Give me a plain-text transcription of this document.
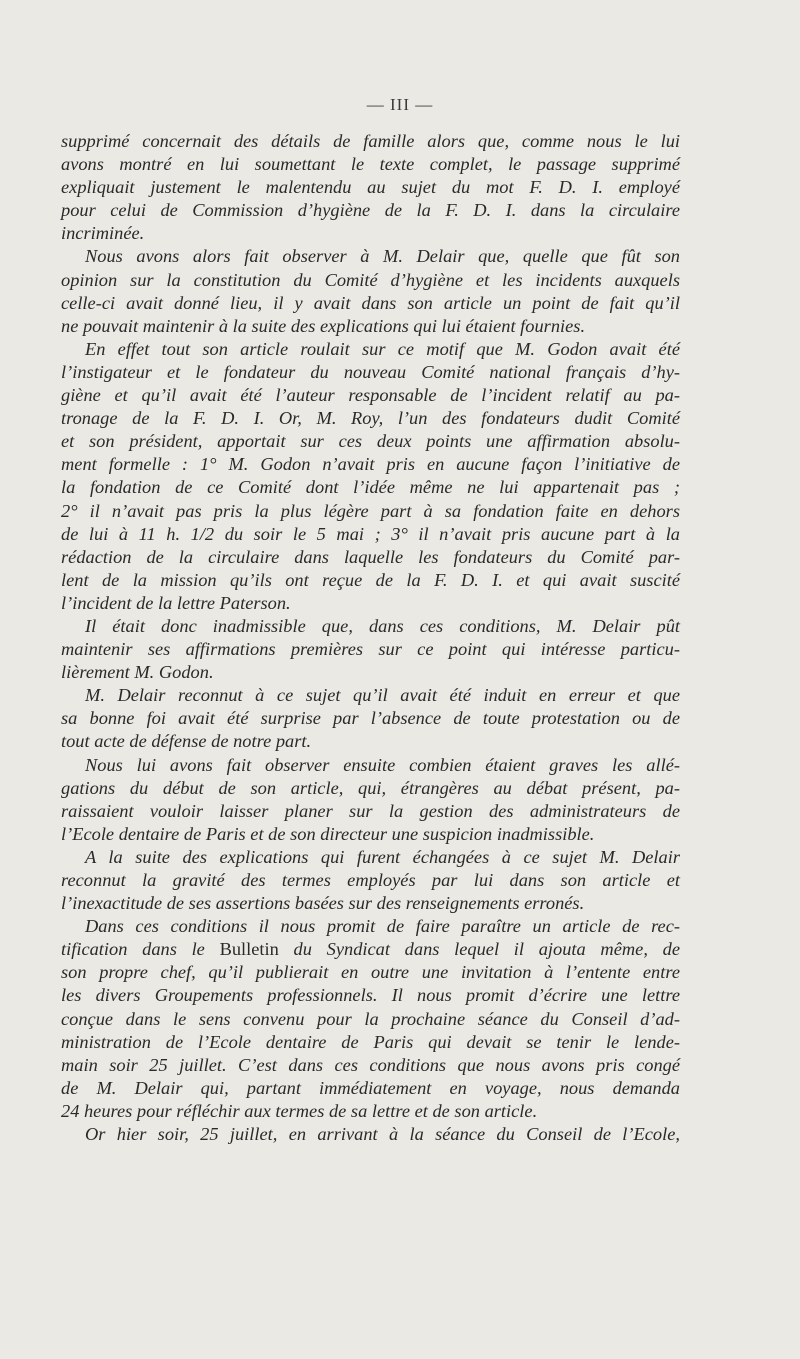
— III —
supprimé concernait des détails de famille alors que, comme nous le lui
avons montré en lui soumettant le texte complet, le passage supprimé
expliquait justement le malentendu au sujet du mot F. D. I. employé
pour celui de Commission d’hygiène de la F. D. I. dans la circulaire
incriminée.
Nous avons alors fait observer à M. Delair que, quelle que fût son
opinion sur la constitution du Comité d’hygiène et les incidents auxquels
celle-ci avait donné lieu, il y avait dans son article un point de fait qu’il
ne pouvait maintenir à la suite des explications qui lui étaient fournies.
En effet tout son article roulait sur ce motif que M. Godon avait été
l’instigateur et le fondateur du nouveau Comité national français d’hy-
giène et qu’il avait été l’auteur responsable de l’incident relatif au pa-
tronage de la F. D. I. Or, M. Roy, l’un des fondateurs dudit Comité
et son président, apportait sur ces deux points une affirmation absolu-
ment formelle : 1° M. Godon n’avait pris en aucune façon l’initiative de
la fondation de ce Comité dont l’idée même ne lui appartenait pas ;
2° il n’avait pas pris la plus légère part à sa fondation faite en dehors
de lui à 11 h. 1/2 du soir le 5 mai ; 3° il n’avait pris aucune part à la
rédaction de la circulaire dans laquelle les fondateurs du Comité par-
lent de la mission qu’ils ont reçue de la F. D. I. et qui avait suscité
l’incident de la lettre Paterson.
Il était donc inadmissible que, dans ces conditions, M. Delair pût
maintenir ses affirmations premières sur ce point qui intéresse particu-
lièrement M. Godon.
M. Delair reconnut à ce sujet qu’il avait été induit en erreur et que
sa bonne foi avait été surprise par l’absence de toute protestation ou de
tout acte de défense de notre part.
Nous lui avons fait observer ensuite combien étaient graves les allé-
gations du début de son article, qui, étrangères au débat présent, pa-
raissaient vouloir laisser planer sur la gestion des administrateurs de
l’Ecole dentaire de Paris et de son directeur une suspicion inadmissible.
A la suite des explications qui furent échangées à ce sujet M. Delair
reconnut la gravité des termes employés par lui dans son article et
l’inexactitude de ses assertions basées sur des renseignements erronés.
Dans ces conditions il nous promit de faire paraître un article de rec-
tification dans le Bulletin du Syndicat dans lequel il ajouta même, de
son propre chef, qu’il publierait en outre une invitation à l’entente entre
les divers Groupements professionnels. Il nous promit d’écrire une lettre
conçue dans le sens convenu pour la prochaine séance du Conseil d’ad-
ministration de l’Ecole dentaire de Paris qui devait se tenir le lende-
main soir 25 juillet. C’est dans ces conditions que nous avons pris congé
de M. Delair qui, partant immédiatement en voyage, nous demanda
24 heures pour réfléchir aux termes de sa lettre et de son article.
Or hier soir, 25 juillet, en arrivant à la séance du Conseil de l’Ecole,
